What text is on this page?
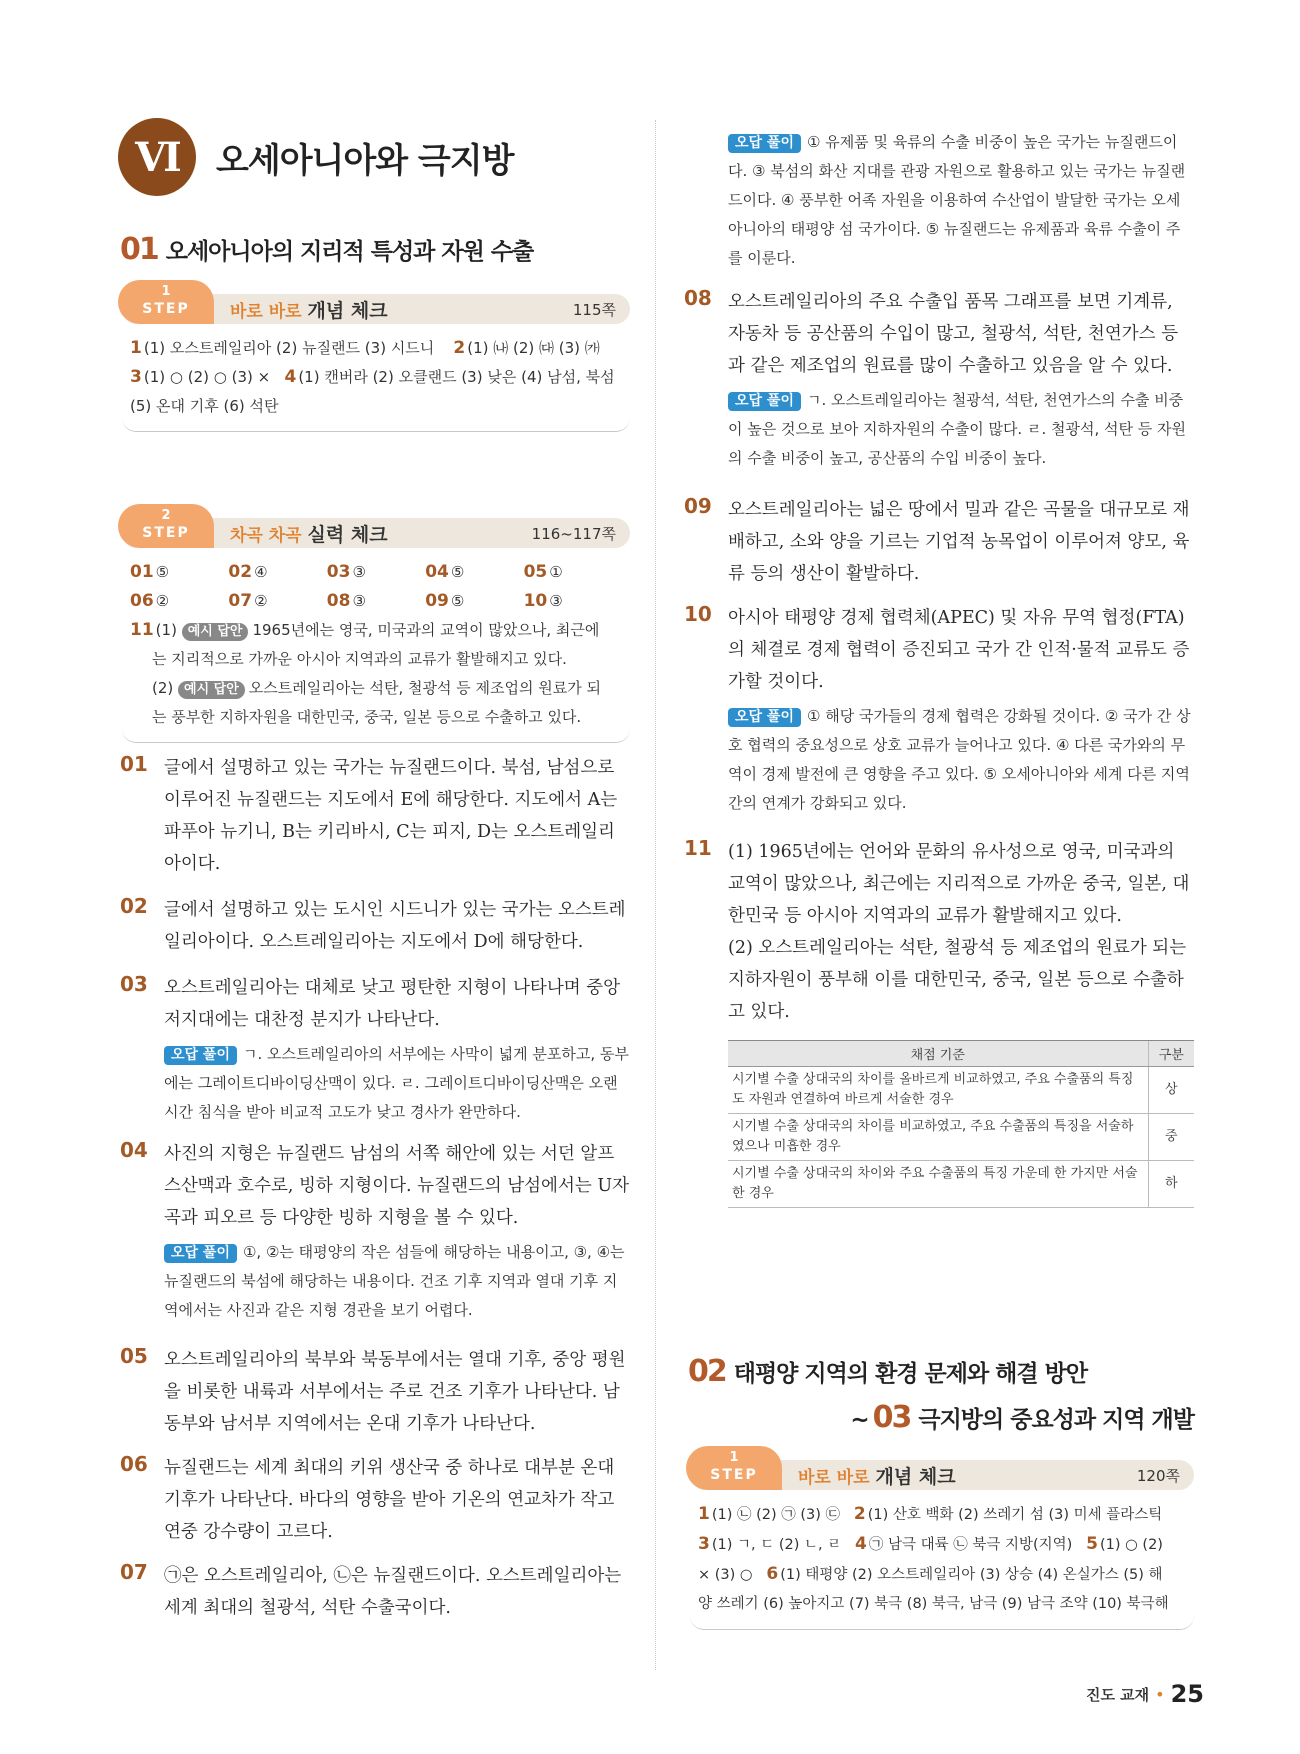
VI	오세아니아와 극지방
01 오세아니아의 지리적 특성과 자원 수출
1
STEP	바로 바로 개념 체크	115쪽
1 (1) 오스트레일리아 (2) 뉴질랜드 (3) 시드니 2 (1) ㈏ (2) ㈐ (3) ㈎
3 (1) ○ (2) ○ (3) × 4 (1) 캔버라 (2) 오클랜드 (3) 낮은 (4) 남섬, 북섬
(5) 온대 기후 (6) 석탄
2
STEP	차곡 차곡 실력 체크	116~117쪽
01 ⑤	02 ④	03 ③	04 ⑤	05 ①
06 ②	07 ②	08 ③	09 ⑤	10 ③
11 (1) 예시 답안 1965년에는 영국, 미국과의 교역이 많았으나, 최근에
는 지리적으로 가까운 아시아 지역과의 교류가 활발해지고 있다.
(2) 예시 답안 오스트레일리아는 석탄, 철광석 등 제조업의 원료가 되
는 풍부한 지하자원을 대한민국, 중국, 일본 등으로 수출하고 있다.
01 글에서 설명하고 있는 국가는 뉴질랜드이다. 북섬, 남섬으로 이루어진 뉴질랜드는 지도에서 E에 해당한다. 지도에서 A는 파푸아 뉴기니, B는 키리바시, C는 피지, D는 오스트레일리아이다.
02 글에서 설명하고 있는 도시인 시드니가 있는 국가는 오스트레일리아이다. 오스트레일리아는 지도에서 D에 해당한다.
03 오스트레일리아는 대체로 낮고 평탄한 지형이 나타나며 중앙 저지대에는 대찬정 분지가 나타난다.
오답 풀이 ㄱ. 오스트레일리아의 서부에는 사막이 넓게 분포하고, 동부에는 그레이트디바이딩산맥이 있다. ㄹ. 그레이트디바이딩산맥은 오랜 시간 침식을 받아 비교적 고도가 낮고 경사가 완만하다.
04 사진의 지형은 뉴질랜드 남섬의 서쪽 해안에 있는 서던 알프스산맥과 호수로, 빙하 지형이다. 뉴질랜드의 남섬에서는 U자곡과 피오르 등 다양한 빙하 지형을 볼 수 있다.
오답 풀이 ①, ②는 태평양의 작은 섬들에 해당하는 내용이고, ③, ④는 뉴질랜드의 북섬에 해당하는 내용이다. 건조 기후 지역과 열대 기후 지역에서는 사진과 같은 지형 경관을 보기 어렵다.
05 오스트레일리아의 북부와 북동부에서는 열대 기후, 중앙 평원을 비롯한 내륙과 서부에서는 주로 건조 기후가 나타난다. 남동부와 남서부 지역에서는 온대 기후가 나타난다.
06 뉴질랜드는 세계 최대의 키위 생산국 중 하나로 대부분 온대 기후가 나타난다. 바다의 영향을 받아 기온의 연교차가 작고 연중 강수량이 고르다.
07 ㉠은 오스트레일리아, ㉡은 뉴질랜드이다. 오스트레일리아는 세계 최대의 철광석, 석탄 수출국이다.
오답 풀이 ① 유제품 및 육류의 수출 비중이 높은 국가는 뉴질랜드이다. ③ 북섬의 화산 지대를 관광 자원으로 활용하고 있는 국가는 뉴질랜드이다. ④ 풍부한 어족 자원을 이용하여 수산업이 발달한 국가는 오세아니아의 태평양 섬 국가이다. ⑤ 뉴질랜드는 유제품과 육류 수출이 주를 이룬다.
08 오스트레일리아의 주요 수출입 품목 그래프를 보면 기계류, 자동차 등 공산품의 수입이 많고, 철광석, 석탄, 천연가스 등과 같은 제조업의 원료를 많이 수출하고 있음을 알 수 있다.
오답 풀이 ㄱ. 오스트레일리아는 철광석, 석탄, 천연가스의 수출 비중이 높은 것으로 보아 지하자원의 수출이 많다. ㄹ. 철광석, 석탄 등 자원의 수출 비중이 높고, 공산품의 수입 비중이 높다.
09 오스트레일리아는 넓은 땅에서 밀과 같은 곡물을 대규모로 재배하고, 소와 양을 기르는 기업적 농목업이 이루어져 양모, 육류 등의 생산이 활발하다.
10 아시아 태평양 경제 협력체(APEC) 및 자유 무역 협정(FTA)의 체결로 경제 협력이 증진되고 국가 간 인적·물적 교류도 증가할 것이다.
오답 풀이 ① 해당 국가들의 경제 협력은 강화될 것이다. ② 국가 간 상호 협력의 중요성으로 상호 교류가 늘어나고 있다. ④ 다른 국가와의 무역이 경제 발전에 큰 영향을 주고 있다. ⑤ 오세아니아와 세계 다른 지역 간의 연계가 강화되고 있다.
11 (1) 1965년에는 언어와 문화의 유사성으로 영국, 미국과의 교역이 많았으나, 최근에는 지리적으로 가까운 중국, 일본, 대한민국 등 아시아 지역과의 교류가 활발해지고 있다.
(2) 오스트레일리아는 석탄, 철광석 등 제조업의 원료가 되는 지하자원이 풍부해 이를 대한민국, 중국, 일본 등으로 수출하고 있다.
채점 기준	구분
시기별 수출 상대국의 차이를 올바르게 비교하였고, 주요 수출품의 특징도 자원과 연결하여 바르게 서술한 경우	상
시기별 수출 상대국의 차이를 비교하였고, 주요 수출품의 특징을 서술하였으나 미흡한 경우	중
시기별 수출 상대국의 차이와 주요 수출품의 특징 가운데 한 가지만 서술한 경우	하
02 태평양 지역의 환경 문제와 해결 방안
~ 03 극지방의 중요성과 지역 개발
1
STEP	바로 바로 개념 체크	120쪽
1 (1) ㉡ (2) ㉠ (3) ㉢ 2 (1) 산호 백화 (2) 쓰레기 섬 (3) 미세 플라스틱
3 (1) ㄱ, ㄷ (2) ㄴ, ㄹ 4 ㉠ 남극 대륙 ㉡ 북극 지방(지역) 5 (1) ○ (2)
× (3) ○ 6 (1) 태평양 (2) 오스트레일리아 (3) 상승 (4) 온실가스 (5) 해
양 쓰레기 (6) 높아지고 (7) 북극 (8) 북극, 남극 (9) 남극 조약 (10) 북극해
진도 교재 • 25
